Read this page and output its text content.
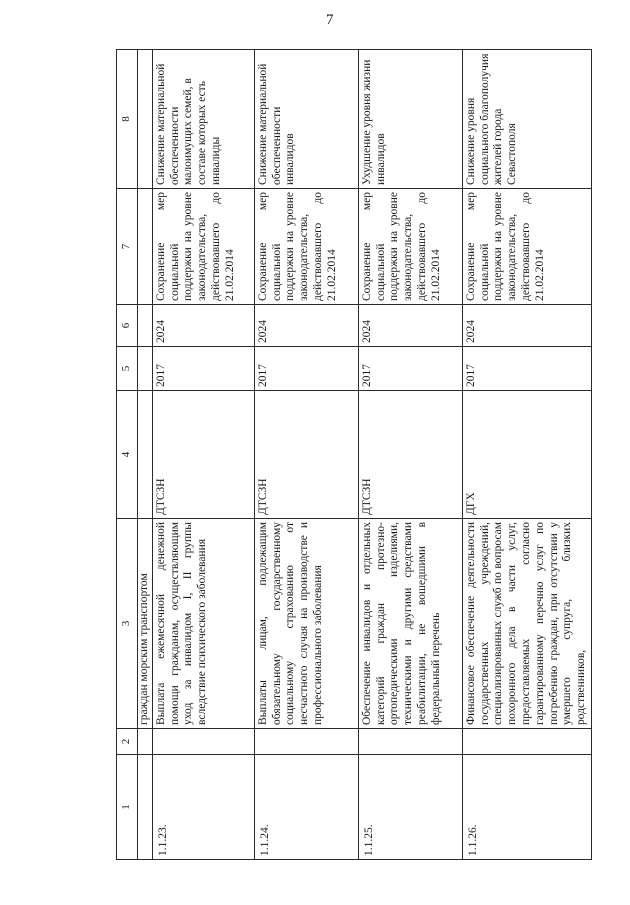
7
1	2	3	4	5	6	7	8
		граждан морским транспортом					
1.1.23.		Выплата ежемесячной денежной помощи гражданам, осуществляющим уход за инвалидом I, II группы вследствие психического заболевания	ДТСЗН	2017	2024	Сохранение мер социальной поддержки на уровне законодательства, действовавшего до 21.02.2014	Снижение материальной обеспеченности малоимущих семей, в составе которых есть инвалиды
1.1.24.		Выплаты лицам, подлежащим обязательному государственному социальному страхованию от несчастного случая на производстве и профессионального заболевания	ДТСЗН	2017	2024	Сохранение мер социальной поддержки на уровне законодательства, действовавшего до 21.02.2014	Снижение материальной обеспеченности инвалидов
1.1.25.		Обеспечение инвалидов и отдельных категорий граждан протезно-ортопедическими изделиями, техническими и другими средствами реабилитации, не вошедшими в федеральный перечень	ДТСЗН	2017	2024	Сохранение мер социальной поддержки на уровне законодательства, действовавшего до 21.02.2014	Ухудшение уровня жизни инвалидов
1.1.26.		Финансовое обеспечение деятельности государственных учреждений, специализированных служб по вопросам похоронного дела в части услуг, предоставляемых согласно гарантированному перечню услуг по погребению граждан, при отсутствии у умершего супруга, близких родственников,	ДГХ	2017	2024	Сохранение мер социальной поддержки на уровне законодательства, действовавшего до 21.02.2014	Снижение уровня социального благополучия жителей города Севастополя
